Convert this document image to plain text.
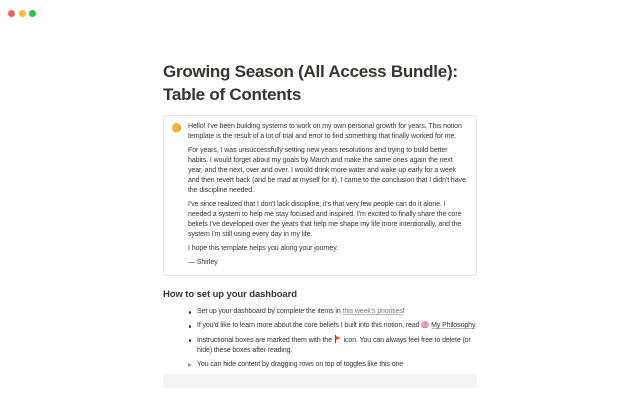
Growing Season (All Access Bundle): Table of Contents

Hello! I've been building systems to work on my own personal growth for years. This notion template is the result of a lot of trial and error to find something that finally worked for me.

For years, I was unsuccessfully setting new years resolutions and trying to build better habits. I would forget about my goals by March and make the same ones again the next year, and the next, over and over. I would drink more water and wake up early for a week and then revert back (and be mad at myself for it). I came to the conclusion that I didn't have the discipline needed.

I've since realized that I don't lack discipline; it's that very few people can do it alone. I needed a system to help me stay focused and inspired. I'm excited to finally share the core beliefs I've developed over the years that help me shape my life more intentionally, and the system I'm still using every day in my life.

I hope this template helps you along your journey.

— Shirley

How to set up your dashboard
Set up your dashboard by complete the items in this week's priorities!
If you'd like to learn more about the core beliefs I built into this notion, read  My Philosophy.
Instructional boxes are marked them with the  icon. You can always feel free to delete (or hide) these boxes after reading.
You can hide content by dragging rows on top of toggles like this one
